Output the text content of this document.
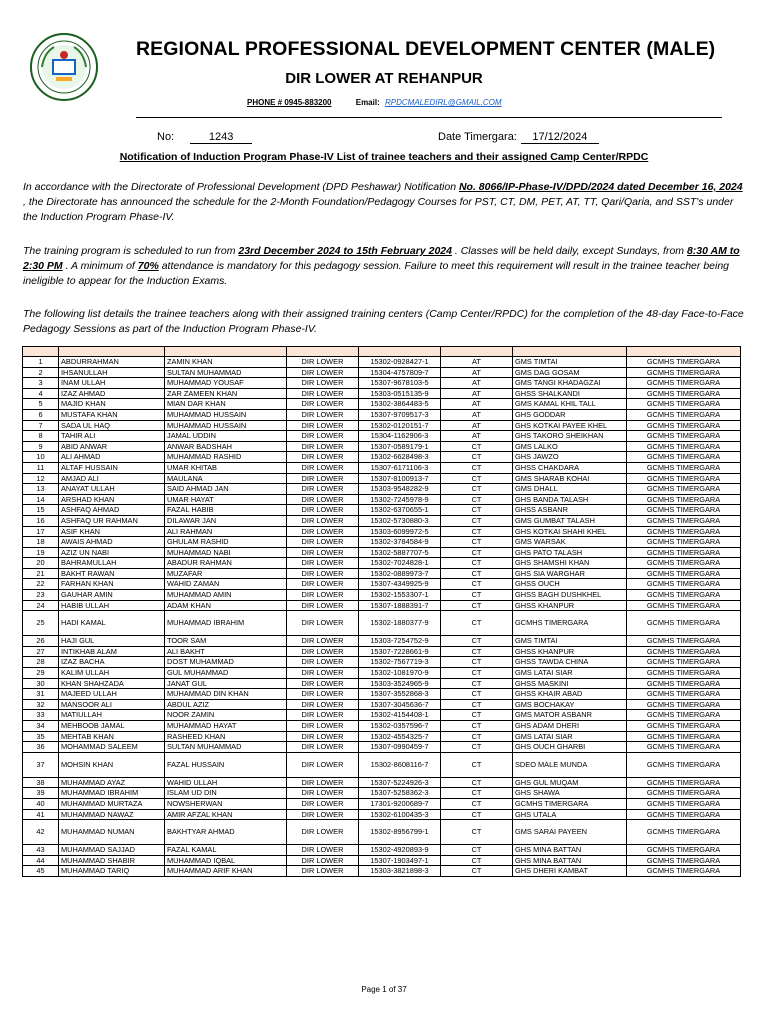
REGIONAL PROFESSIONAL DEVELOPMENT CENTER (MALE)
DIR LOWER AT REHANPUR
PHONE # 0945-883200	Email: RPDCMALEDIRL@GMAIL.COM
No:	1243	Date Timergara: 17/12/2024
Notification of Induction Program Phase-IV List of trainee teachers and their assigned Camp Center/RPDC
In accordance with the Directorate of Professional Development (DPD Peshawar) Notification No. 8066/IP-Phase-IV/DPD/2024 dated December 16, 2024 , the Directorate has announced the schedule for the 2-Month Foundation/Pedagogy Courses for PST, CT, DM, PET, AT, TT, Qari/Qaria, and SST's under the Induction Program Phase-IV.
The training program is scheduled to run from 23rd December 2024 to 15th February 2024 . Classes will be held daily, except Sundays, from 8:30 AM to 2:30 PM . A minimum of 70% attendance is mandatory for this pedagogy session. Failure to meet this requirement will result in the trainee teacher being ineligible to appear for the Induction Exams.
The following list details the trainee teachers along with their assigned training centers (Camp Center/RPDC) for the completion of the 48-day Face-to-Face Pedagogy Sessions as part of the Induction Program Phase-IV.

1	ABDURRAHMAN	ZAMIN KHAN	DIR LOWER	15302-0928427-1	AT	GMS TIMTAI	GCMHS TIMERGARA
2	IHSANULLAH	SULTAN MUHAMMAD	DIR LOWER	15304-4757809-7	AT	GMS DAG GOSAM	GCMHS TIMERGARA
3	INAM ULLAH	MUHAMMAD YOUSAF	DIR LOWER	15307-9678103-5	AT	GMS TANGI KHADAGZAI	GCMHS TIMERGARA
4	IZAZ AHMAD	ZAR ZAMEEN KHAN	DIR LOWER	15303-0515135-9	AT	GHSS SHALKANDI	GCMHS TIMERGARA
5	MAJID KHAN	MIAN DAR KHAN	DIR LOWER	15302-3864483-5	AT	GMS KAMAL KHIL TALL	GCMHS TIMERGARA
6	MUSTAFA KHAN	MUHAMMAD HUSSAIN	DIR LOWER	15307-9709517-3	AT	GHS GODDAR	GCMHS TIMERGARA
7	SADA UL HAQ	MUHAMMAD HUSSAIN	DIR LOWER	15302-0120151-7	AT	GHS KOTKAI PAYEE KHEL	GCMHS TIMERGARA
8	TAHIR ALI	JAMAL UDDIN	DIR LOWER	15304-1162906-3	AT	GHS TAKORO SHEIKHAN	GCMHS TIMERGARA
9	ABID ANWAR	ANWAR BADSHAH	DIR LOWER	15307-0589179-1	CT	GMS LALKO	GCMHS TIMERGARA
10	ALI AHMAD	MUHAMMAD RASHID	DIR LOWER	15302-6628498-3	CT	GHS JAWZO	GCMHS TIMERGARA
11	ALTAF HUSSAIN	UMAR KHITAB	DIR LOWER	15307-6171106-3	CT	GHSS CHAKDARA	GCMHS TIMERGARA
12	AMJAD ALI	MAULANA	DIR LOWER	15307-8100913-7	CT	GMS SHARAB KOHAI	GCMHS TIMERGARA
13	ANAYAT ULLAH	SAID AHMAD JAN	DIR LOWER	15303-9548282-9	CT	GMS DHALL	GCMHS TIMERGARA
14	ARSHAD KHAN	UMAR HAYAT	DIR LOWER	15302-7245978-9	CT	GHS BANDA TALASH	GCMHS TIMERGARA
15	ASHFAQ AHMAD	FAZAL HABIB	DIR LOWER	15302-6370655-1	CT	GHSS ASBANR	GCMHS TIMERGARA
16	ASHFAQ UR RAHMAN	DILAWAR JAN	DIR LOWER	15302-5730880-3	CT	GMS GUMBAT TALASH	GCMHS TIMERGARA
17	ASIF KHAN	ALI RAHMAN	DIR LOWER	15303-6099972-5	CT	GHS KOTKAI SHAHI KHEL	GCMHS TIMERGARA
18	AWAIS AHMAD	GHULAM RASHID	DIR LOWER	15302-3784584-9	CT	GMS WARSAK	GCMHS TIMERGARA
19	AZIZ UN NABI	MUHAMMAD NABI	DIR LOWER	15302-5887707-5	CT	GHS PATO TALASH	GCMHS TIMERGARA
20	BAHRAMULLAH	ABADUR RAHMAN	DIR LOWER	15302-7024828-1	CT	GHS SHAMSHI KHAN	GCMHS TIMERGARA
21	BAKHT RAWAN	MUZAFAR	DIR LOWER	15302-0889973-7	CT	GHS SIA WARGHAR	GCMHS TIMERGARA
22	FARHAN KHAN	WAHID ZAMAN	DIR LOWER	15307-4349925-9	CT	GHSS OUCH	GCMHS TIMERGARA
23	GAUHAR AMIN	MUHAMMAD AMIN	DIR LOWER	15302-1553307-1	CT	GHSS BAGH DUSHKHEL	GCMHS TIMERGARA
24	HABIB ULLAH	ADAM KHAN	DIR LOWER	15307-1888391-7	CT	GHSS KHANPUR	GCMHS TIMERGARA
25	HADI KAMAL	MUHAMMAD IBRAHIM	DIR LOWER	15302-1880377-9	CT	GCMHS TIMERGARA	GCMHS TIMERGARA
26	HAJI GUL	TOOR SAM	DIR LOWER	15303-7254752-9	CT	GMS TIMTAI	GCMHS TIMERGARA
27	INTIKHAB ALAM	ALI BAKHT	DIR LOWER	15307-7228661-9	CT	GHSS KHANPUR	GCMHS TIMERGARA
28	IZAZ BACHA	DOST MUHAMMAD	DIR LOWER	15302-7567719-3	CT	GHSS TAWDA CHINA	GCMHS TIMERGARA
29	KALIM ULLAH	GUL MUHAMMAD	DIR LOWER	15302-1081970-9	CT	GMS LATAI SIAR	GCMHS TIMERGARA
30	KHAN SHAHZADA	JANAT GUL	DIR LOWER	15303-3524965-9	CT	GHSS MASKINI	GCMHS TIMERGARA
31	MAJEED ULLAH	MUHAMMAD DIN KHAN	DIR LOWER	15307-3552868-3	CT	GHSS KHAIR ABAD	GCMHS TIMERGARA
32	MANSOOR ALI	ABDUL AZIZ	DIR LOWER	15307-3045636-7	CT	GMS BOCHAKAY	GCMHS TIMERGARA
33	MATIULLAH	NOOR ZAMIN	DIR LOWER	15302-4154408-1	CT	GMS MATOR ASBANR	GCMHS TIMERGARA
34	MEHBOOB JAMAL	MUHAMMAD HAYAT	DIR LOWER	15302-0357596-7	CT	GHS ADAM DHERI	GCMHS TIMERGARA
35	MEHTAB KHAN	RASHEED KHAN	DIR LOWER	15302-4554325-7	CT	GMS LATAI SIAR	GCMHS TIMERGARA
36	MOHAMMAD SALEEM	SULTAN MUHAMMAD	DIR LOWER	15307-0990459-7	CT	GHS OUCH GHARBI	GCMHS TIMERGARA
37	MOHSIN KHAN	FAZAL HUSSAIN	DIR LOWER	15302-8608116-7	CT	SDEO MALE MUNDA	GCMHS TIMERGARA
38	MUHAMMAD AYAZ	WAHID ULLAH	DIR LOWER	15307-5224926-3	CT	GHS GUL MUQAM	GCMHS TIMERGARA
39	MUHAMMAD IBRAHIM	ISLAM UD DIN	DIR LOWER	15307-5258362-3	CT	GHS SHAWA	GCMHS TIMERGARA
40	MUHAMMAD MURTAZA	NOWSHERWAN	DIR LOWER	17301-9200689-7	CT	GCMHS TIMERGARA	GCMHS TIMERGARA
41	MUHAMMAD NAWAZ	AMIR AFZAL KHAN	DIR LOWER	15302-6100435-3	CT	GHS UTALA	GCMHS TIMERGARA
42	MUHAMMAD NUMAN	BAKHTYAR AHMAD	DIR LOWER	15302-8956799-1	CT	GMS SARAI PAYEEN	GCMHS TIMERGARA
43	MUHAMMAD SAJJAD	FAZAL KAMAL	DIR LOWER	15302-4920893-9	CT	GHS MINA BATTAN	GCMHS TIMERGARA
44	MUHAMMAD SHABIR	MUHAMMAD IQBAL	DIR LOWER	15307-1903497-1	CT	GHS MINA BATTAN	GCMHS TIMERGARA
45	MUHAMMAD TARIQ	MUHAMMAD ARIF KHAN	DIR LOWER	15303-3821898-3	CT	GHS DHERI KAMBAT	GCMHS TIMERGARA
Page 1 of 37
